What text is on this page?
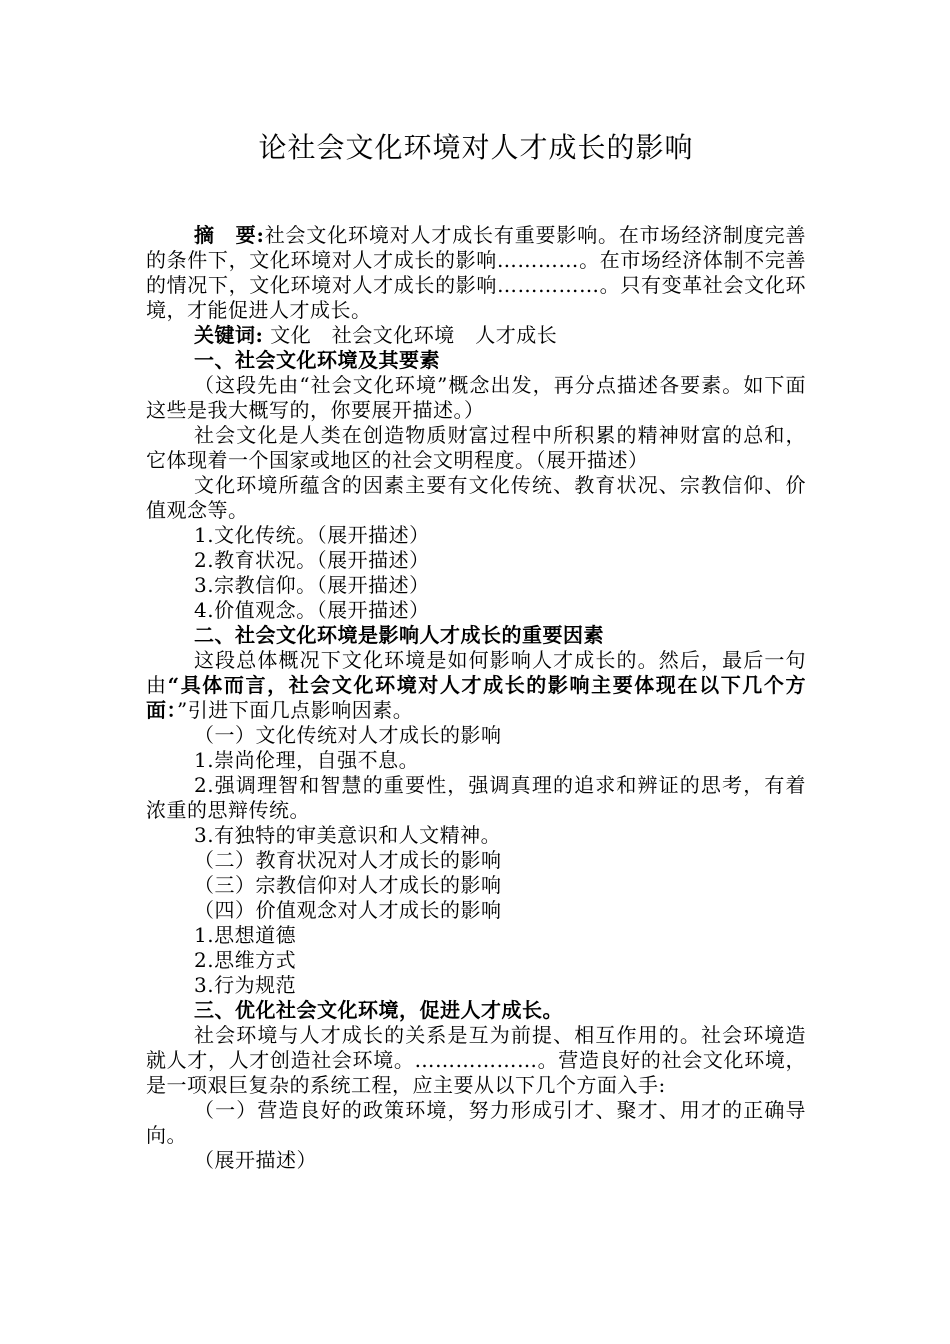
论社会文化环境对人才成长的影响

摘　要:社会文化环境对人才成长有重要影响。在市场经济制度完善的条件下，文化环境对人才成长的影响…………。在市场经济体制不完善的情况下，文化环境对人才成长的影响……………。只有变革社会文化环境，才能促进人才成长。

关键词: 文化　社会文化环境　人才成长

一、社会文化环境及其要素

（这段先由“社会文化环境”概念出发，再分点描述各要素。如下面这些是我大概写的，你要展开描述。）

社会文化是人类在创造物质财富过程中所积累的精神财富的总和，它体现着一个国家或地区的社会文明程度。（展开描述）

文化环境所蕴含的因素主要有文化传统、教育状况、宗教信仰、价值观念等。

1.文化传统。（展开描述）

2.教育状况。（展开描述）

3.宗教信仰。（展开描述）

4.价值观念。（展开描述）

二、社会文化环境是影响人才成长的重要因素

这段总体概况下文化环境是如何影响人才成长的。然后，最后一句由“具体而言，社会文化环境对人才成长的影响主要体现在以下几个方面：”引进下面几点影响因素。

（一）文化传统对人才成长的影响

1.崇尚伦理，自强不息。

2.强调理智和智慧的重要性，强调真理的追求和辨证的思考，有着浓重的思辩传统。

3.有独特的审美意识和人文精神。

（二）教育状况对人才成长的影响

（三）宗教信仰对人才成长的影响

（四）价值观念对人才成长的影响

1.思想道德

2.思维方式

3.行为规范

三、优化社会文化环境，促进人才成长。

社会环境与人才成长的关系是互为前提、相互作用的。社会环境造就人才，人才创造社会环境。………………。营造良好的社会文化环境，是一项艰巨复杂的系统工程，应主要从以下几个方面入手:

（一）营造良好的政策环境，努力形成引才、聚才、用才的正确导向。

（展开描述）
